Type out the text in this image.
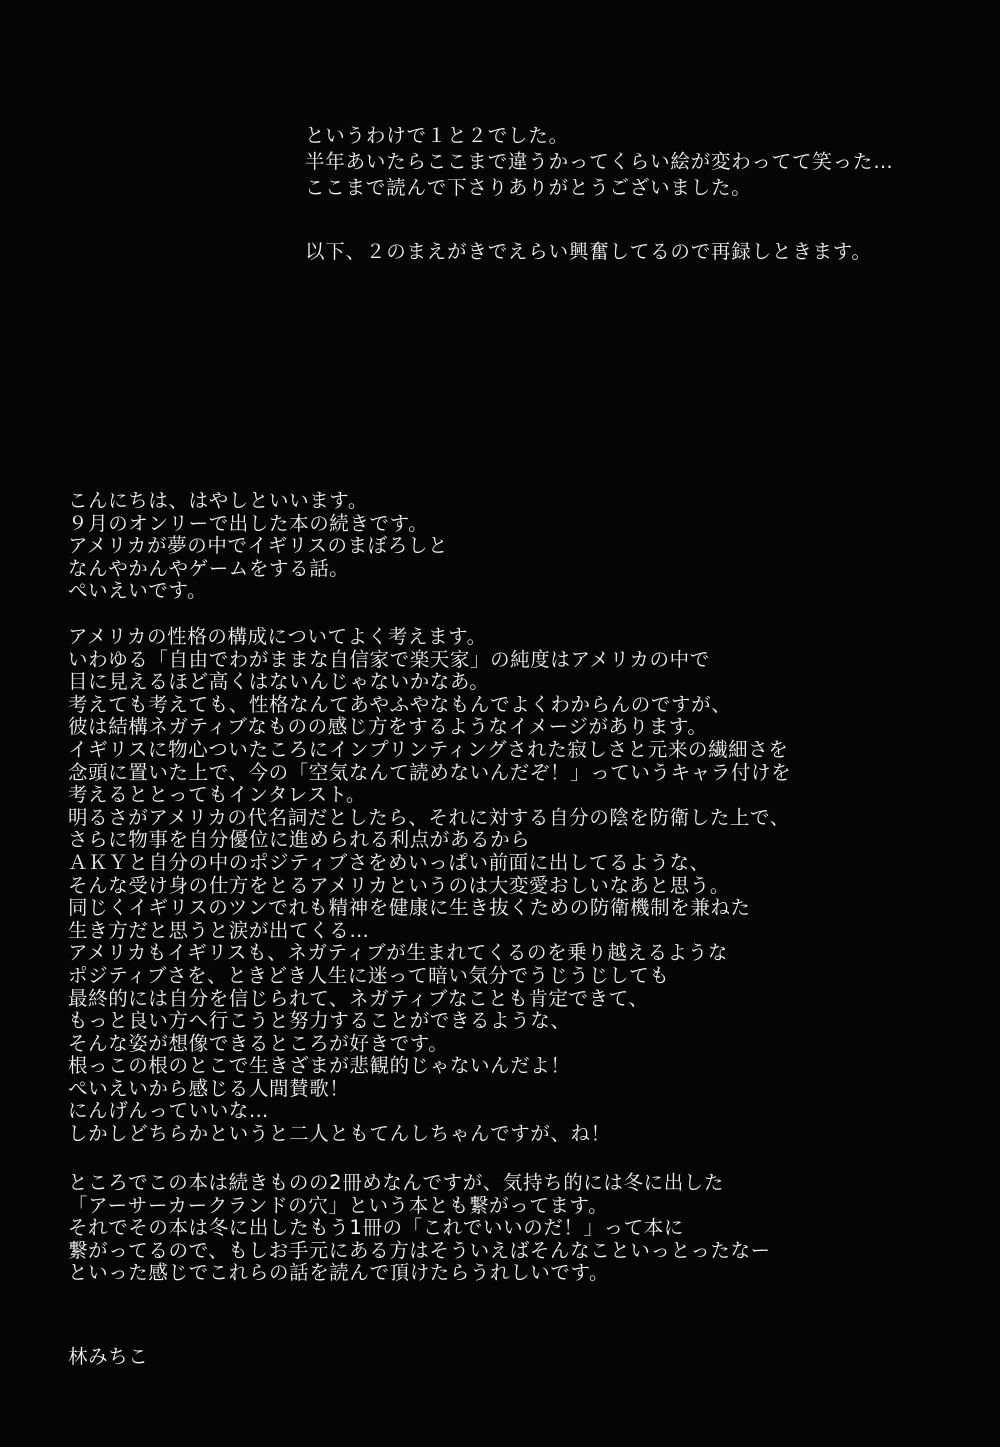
というわけで１と２でした。
半年あいたらここまで違うかってくらい絵が変わってて笑った…
ここまで読んで下さりありがとうございました。
以下、２のまえがきでえらい興奮してるので再録しときます。
こんにちは、はやしといいます。
９月のオンリーで出した本の続きです。
アメリカが夢の中でイギリスのまぼろしと
なんやかんやゲームをする話。
ぺいえいです。
アメリカの性格の構成についてよく考えます。
いわゆる「自由でわがままな自信家で楽天家」の純度はアメリカの中で
目に見えるほど高くはないんじゃないかなあ。
考えても考えても、性格なんてあやふやなもんでよくわからんのですが、
彼は結構ネガティブなものの感じ方をするようなイメージがあります。
イギリスに物心ついたころにインプリンティングされた寂しさと元来の繊細さを
念頭に置いた上で、今の「空気なんて読めないんだぞ！」っていうキャラ付けを
考えるととってもインタレスト。
明るさがアメリカの代名詞だとしたら、それに対する自分の陰を防衛した上で、
さらに物事を自分優位に進められる利点があるから
ＡＫＹと自分の中のポジティブさをめいっぱい前面に出してるような、
そんな受け身の仕方をとるアメリカというのは大変愛おしいなあと思う。
同じくイギリスのツンでれも精神を健康に生き抜くための防衛機制を兼ねた
生き方だと思うと涙が出てくる…
アメリカもイギリスも、ネガティブが生まれてくるのを乗り越えるような
ポジティブさを、ときどき人生に迷って暗い気分でうじうじしても
最終的には自分を信じられて、ネガティブなことも肯定できて、
もっと良い方へ行こうと努力することができるような、
そんな姿が想像できるところが好きです。
根っこの根のとこで生きざまが悲観的じゃないんだよ！
ぺいえいから感じる人間賛歌！
にんげんっていいな…
しかしどちらかというと二人ともてんしちゃんですが、ね！
ところでこの本は続きものの2冊めなんですが、気持ち的には冬に出した
「アーサーカークランドの穴」という本とも繋がってます。
それでその本は冬に出したもう1冊の「これでいいのだ！」って本に
繋がってるので、もしお手元にある方はそういえばそんなこといっとったなー
といった感じでこれらの話を読んで頂けたらうれしいです。
林みちこ
